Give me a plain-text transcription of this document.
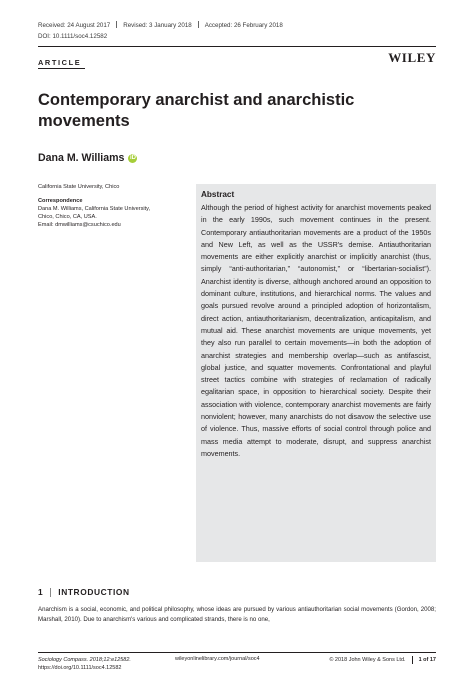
Received: 24 August 2017 Revised: 3 January 2018 Accepted: 26 February 2018
DOI: 10.1111/soc4.12582
ARTICLE	WILEY
Contemporary anarchist and anarchistic movements
Dana M. Williams iD
California State University, Chico
Correspondence
Dana M. Williams, California State University,
Chico, Chico, CA, USA.
Email: dmwilliams@csuchico.edu
Abstract
Although the period of highest activity for anarchist movements peaked in the early 1990s, such movement continues in the present. Contemporary antiauthoritarian movements are a product of the 1950s and New Left, as well as the USSR's demise. Antiauthoritarian movements are either explicitly anarchist or implicitly anarchist (thus, simply “anti-authoritarian,” “autonomist,” or “libertarian-socialist”). Anarchist identity is diverse, although anchored around an opposition to dominant culture, institutions, and hierarchical norms. The values and goals pursued revolve around a principled adoption of horizontalism, direct action, antiauthoritarianism, decentralization, anticapitalism, and mutual aid. These anarchist movements are unique movements, yet they also run parallel to certain movements—in both the adoption of anarchist strategies and membership overlap—such as antifascist, global justice, and squatter movements. Confrontational and playful street tactics combine with strategies of reclamation of radically egalitarian space, in opposition to hierarchical society. Despite their association with violence, contemporary anarchist movements are fairly nonviolent; however, many anarchists do not disavow the selective use of violence. Thus, massive efforts of social control through police and mass media attempt to moderate, disrupt, and suppress anarchist movements.
1 INTRODUCTION
Anarchism is a social, economic, and political philosophy, whose ideas are pursued by various antiauthoritarian social movements (Gordon, 2008; Marshall, 2010). Due to anarchism's various and complicated strands, there is no one,
Sociology Compass. 2018;12:e12582.
https://doi.org/10.1111/soc4.12582
wileyonlinelibrary.com/journal/soc4	© 2018 John Wiley & Sons Ltd. 1 of 17
